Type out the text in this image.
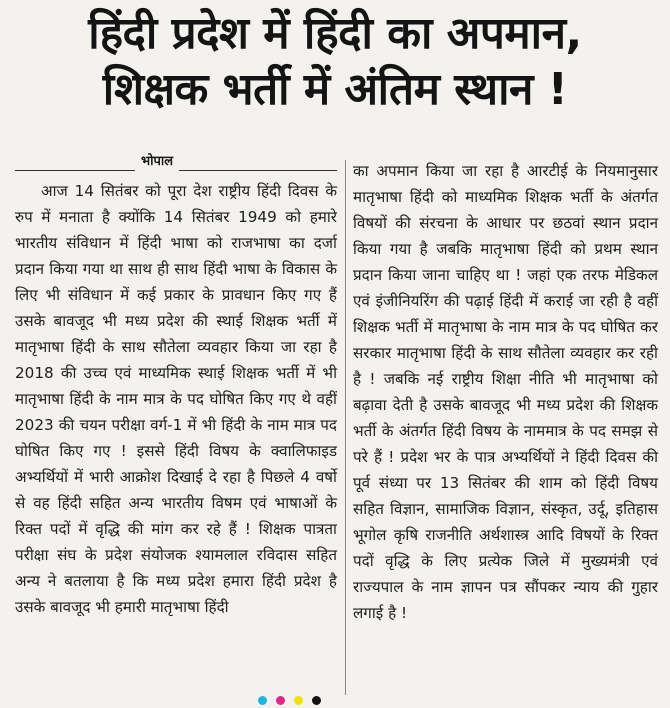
हिंदी प्रदेश में हिंदी का अपमान,
शिक्षक भर्ती में अंतिम स्थान !
भोपाल

आज 14 सितंबर को पूरा देश राष्ट्रीय हिंदी दिवस के रुप में मनाता है क्योंकि 14 सितंबर 1949 को हमारे भारतीय संविधान में हिंदी भाषा को राजभाषा का दर्जा प्रदान किया गया था साथ ही साथ हिंदी भाषा के विकास के लिए भी संविधान में कई प्रकार के प्रावधान किए गए हैं उसके बावजूद भी मध्य प्रदेश की स्थाई शिक्षक भर्ती में मातृभाषा हिंदी के साथ सौतेला व्यवहार किया जा रहा है 2018 की उच्च एवं माध्यमिक स्थाई शिक्षक भर्ती में भी मातृभाषा हिंदी के नाम मात्र के पद घोषित किए गए थे वहीं 2023 की चयन परीक्षा वर्ग-1 में भी हिंदी के नाम मात्र पद घोषित किए गए ! इससे हिंदी विषय के क्वालिफाइड अभ्यर्थियों में भारी आक्रोश दिखाई दे रहा है पिछले 4 वर्षो से वह हिंदी सहित अन्य भारतीय विषम एवं भाषाओं के रिक्त पदों में वृद्धि की मांग कर रहे हैं ! शिक्षक पात्रता परीक्षा संघ के प्रदेश संयोजक श्यामलाल रविदास सहित अन्य ने बतलाया है कि मध्य प्रदेश हमारा हिंदी प्रदेश है उसके बावजूद भी हमारी मातृभाषा हिंदी

का अपमान किया जा रहा है आरटीई के नियमानुसार मातृभाषा हिंदी को माध्यमिक शिक्षक भर्ती के अंतर्गत विषयों की संरचना के आधार पर छठवां स्थान प्रदान किया गया है जबकि मातृभाषा हिंदी को प्रथम स्थान प्रदान किया जाना चाहिए था ! जहां एक तरफ मेडिकल एवं इंजीनियरिंग की पढ़ाई हिंदी में कराई जा रही है वहीं शिक्षक भर्ती में मातृभाषा के नाम मात्र के पद घोषित कर सरकार मातृभाषा हिंदी के साथ सौतेला व्यवहार कर रही है ! जबकि नई राष्ट्रीय शिक्षा नीति भी मातृभाषा को बढ़ावा देती है उसके बावजूद भी मध्य प्रदेश की शिक्षक भर्ती के अंतर्गत हिंदी विषय के नाममात्र के पद समझ से परे हैं ! प्रदेश भर के पात्र अभ्यर्थियों ने हिंदी दिवस की पूर्व संध्या पर 13 सितंबर की शाम को हिंदी विषय सहित विज्ञान, सामाजिक विज्ञान, संस्कृत, उर्दू, इतिहास भूगोल कृषि राजनीति अर्थशास्त्र आदि विषयों के रिक्त पदों वृद्धि के लिए प्रत्येक जिले में मुख्यमंत्री एवं राज्यपाल के नाम ज्ञापन पत्र सौंपकर न्याय की गुहार लगाई है !
